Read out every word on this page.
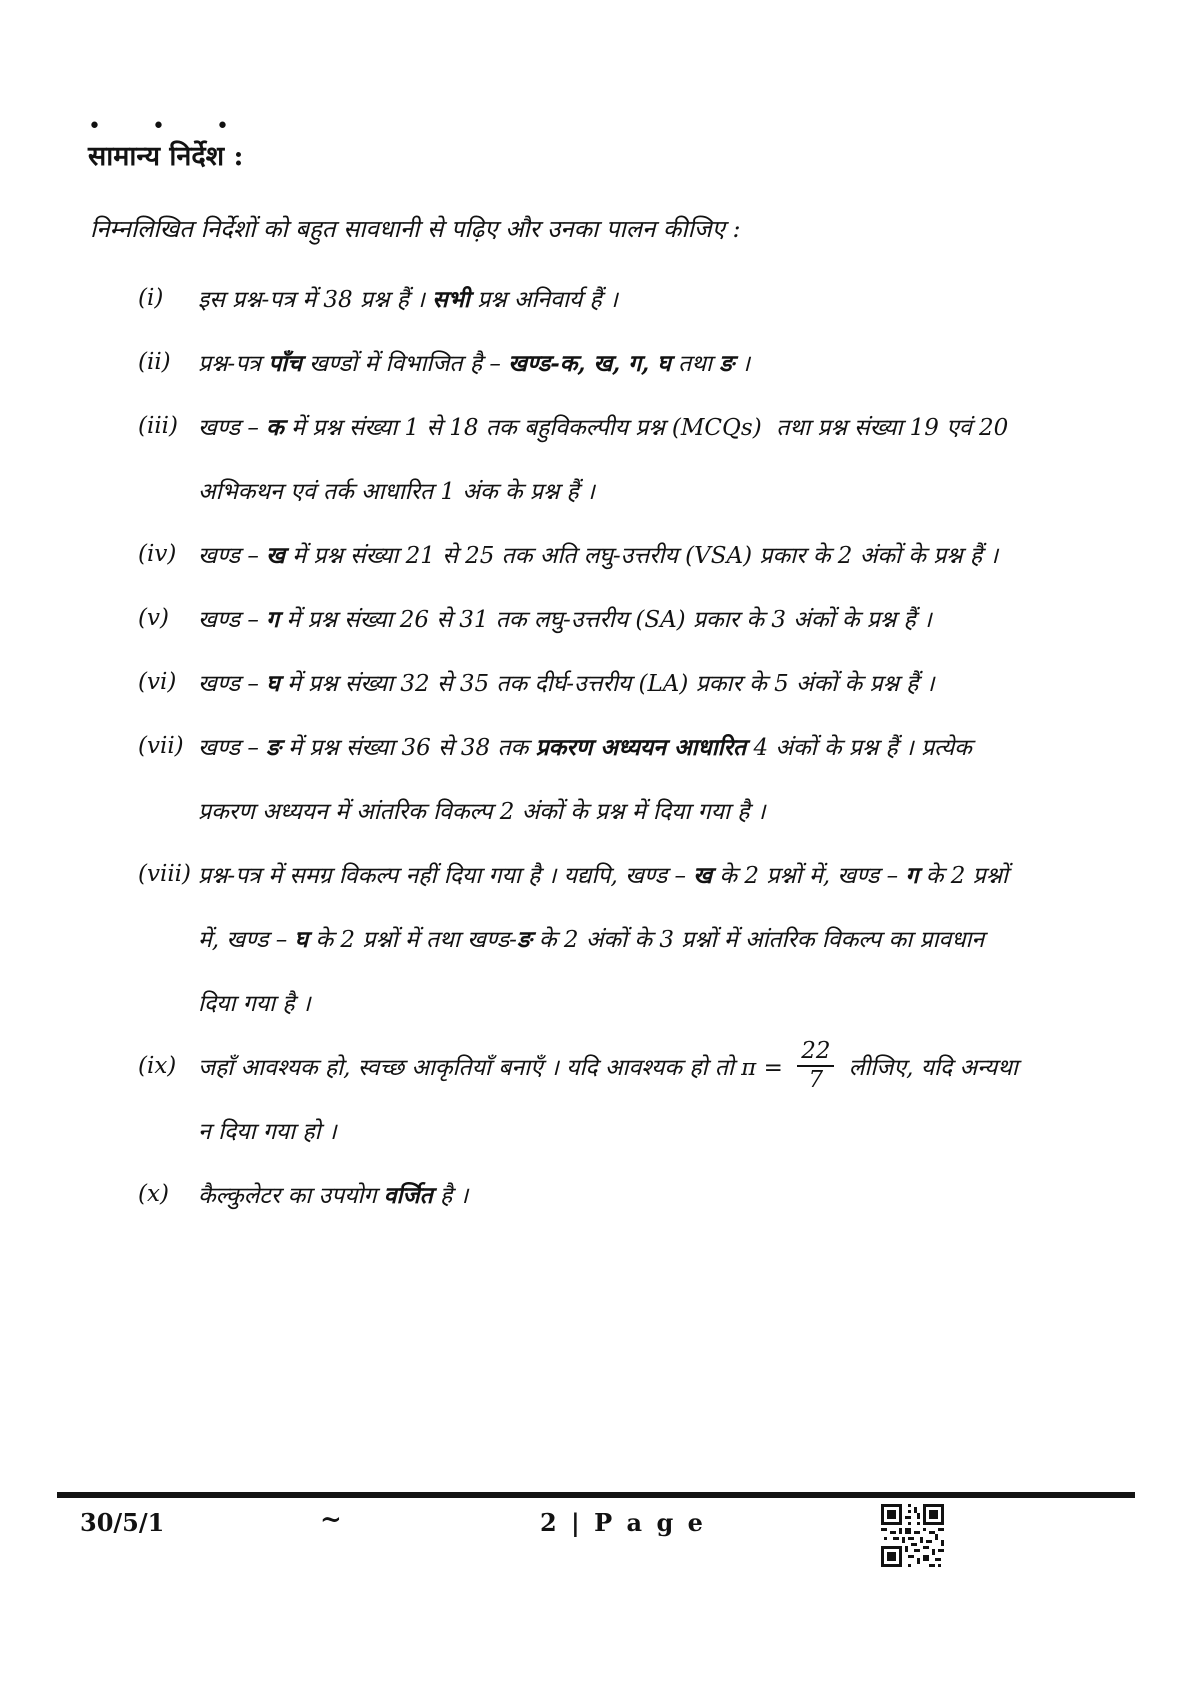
• • •
सामान्य निर्देश :
निम्नलिखित निर्देशों को बहुत सावधानी से पढ़िए और उनका पालन कीजिए :
(i)	इस प्रश्न-पत्र में 38 प्रश्न हैं । सभी प्रश्न अनिवार्य हैं ।
(ii)	प्रश्न-पत्र पाँच खण्डों में विभाजित है – खण्ड-क, ख, ग, घ तथा ङ ।
(iii) खण्ड – क में प्रश्न संख्या 1 से 18 तक बहुविकल्पीय प्रश्न (MCQs)  तथा प्रश्न संख्या 19 एवं 20
अभिकथन एवं तर्क आधारित 1 अंक के प्रश्न हैं ।
(iv) खण्ड – ख में प्रश्न संख्या 21 से 25 तक अति लघु-उत्तरीय (VSA) प्रकार के 2 अंकों के प्रश्न हैं ।
(v)	खण्ड – ग में प्रश्न संख्या 26 से 31 तक लघु-उत्तरीय (SA) प्रकार के 3 अंकों के प्रश्न हैं ।
(vi) खण्ड – घ में प्रश्न संख्या 32 से 35 तक दीर्घ-उत्तरीय (LA) प्रकार के 5 अंकों के प्रश्न हैं ।
(vii) खण्ड – ङ में प्रश्न संख्या 36 से 38 तक प्रकरण अध्ययन आधारित 4 अंकों के प्रश्न हैं । प्रत्येक
प्रकरण अध्ययन में आंतरिक विकल्प 2 अंकों के प्रश्न में दिया गया है ।
(viii) प्रश्न-पत्र में समग्र विकल्प नहीं दिया गया है । यद्यपि, खण्ड – ख के 2 प्रश्नों में, खण्ड – ग के 2 प्रश्नों
में, खण्ड – घ के 2 प्रश्नों में तथा खण्ड- ङ के 2 अंकों के 3 प्रश्नों में आंतरिक विकल्प का प्रावधान
दिया गया है ।
(ix) जहाँ आवश्यक हो, स्वच्छ आकृतियाँ बनाएँ । यदि आवश्यक हो तो $\pi = \frac{22}{7}$ लीजिए, यदि अन्यथा
न दिया गया हो ।
(x)	कैल्कुलेटर का उपयोग वर्जित है ।
30/5/1	~	2 | P a g e
